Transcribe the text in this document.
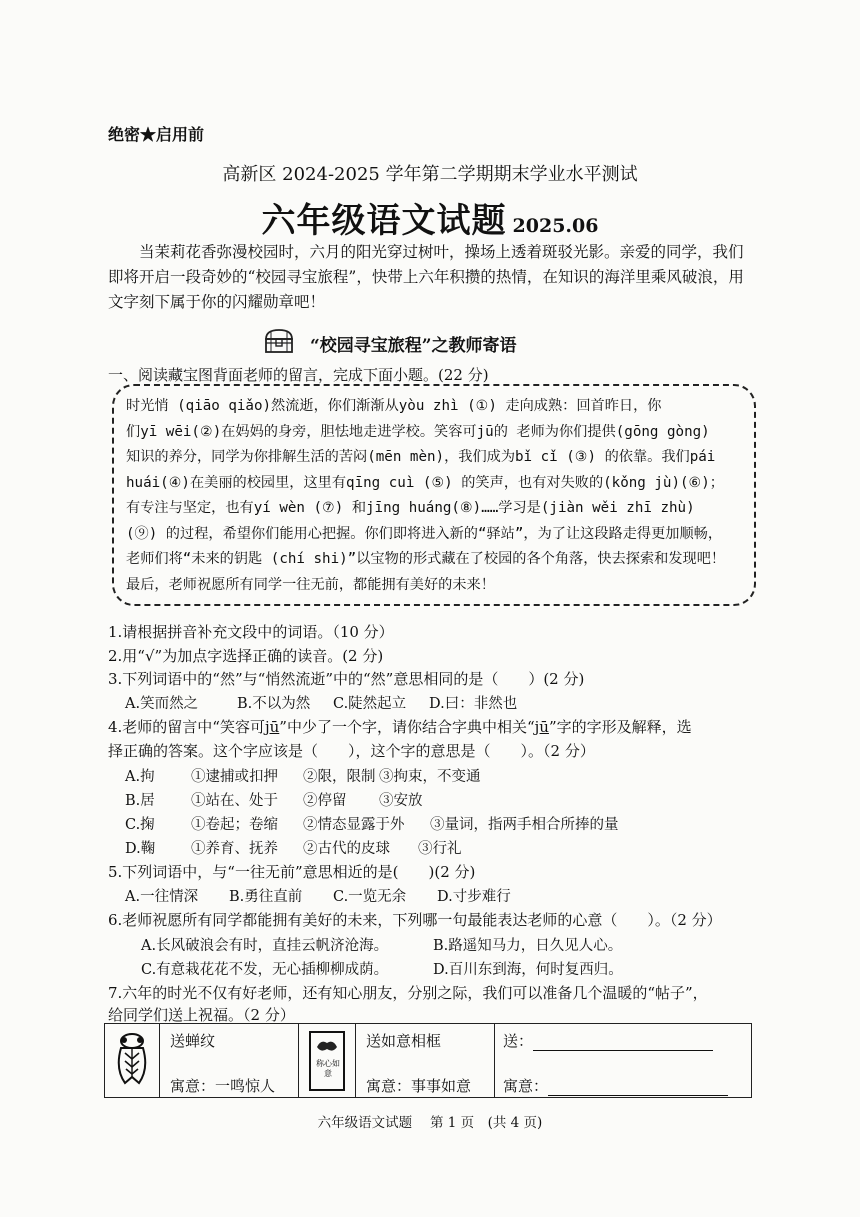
绝密★启用前
高新区 2024-2025 学年第二学期期末学业水平测试
六年级语文试题 2025.06
当茉莉花香弥漫校园时，六月的阳光穿过树叶，操场上透着斑驳光影。亲爱的同学，我们即将开启一段奇妙的“校园寻宝旅程”，快带上六年积攒的热情，在知识的海洋里乘风破浪，用文字刻下属于你的闪耀勋章吧！
“校园寻宝旅程”之教师寄语
一、阅读藏宝图背面老师的留言，完成下面小题。(22 分)
时光悄 (qiāo qiǎo)然流逝，你们渐渐从yòu zhì (①) 走向成熟：回首昨日，你
们yī wēi(②)在妈妈的身旁，胆怯地走进学校。笑容可jū的 老师为你们提供(gōng gòng)
知识的养分，同学为你排解生活的苦闷(mēn mèn)，我们成为bǐ cǐ (③) 的依靠。我们pái
huái(④)在美丽的校园里，这里有qīng cuì (⑤) 的笑声，也有对失败的(kǒng jù)(⑥)；
有专注与坚定，也有yí wèn (⑦) 和jīng huáng(⑧)……学习是(jiàn wěi zhī zhù)
(⑨) 的过程，希望你们能用心把握。你们即将进入新的“驿站”，为了让这段路走得更加顺畅，
老师们将“未来的钥匙 (chí shi)”以宝物的形式藏在了校园的各个角落，快去探索和发现吧！
最后，老师祝愿所有同学一往无前，都能拥有美好的未来！
1.请根据拼音补充文段中的词语。（10 分）
2.用“√”为加点字选择正确的读音。(2 分)
3.下列词语中的“然”与“悄然流逝”中的“然”意思相同的是（　　）(2 分)
A.笑而然之	B.不以为然 C.陡然起立 D.曰：非然也
4.老师的留言中“笑容可jū”中少了一个字，请你结合字典中相关“jū”字的字形及解释，选
择正确的答案。这个字应该是（　　），这个字的意思是（　　）。（2 分）
A.拘	①逮捕或扣押 ②限，限制 ③拘束，不变通
B.居 ①站在、处于 ②停留 ③安放
C.掬	①卷起；卷缩 ②情态显露于外 ③量词，指两手相合所捧的量
D.鞠 ①养育、抚养 ②古代的皮球 ③行礼
5.下列词语中，与“一往无前”意思相近的是(　　)(2 分)
A.一往情深 B.勇往直前 C.一览无余 D.寸步难行
6.老师祝愿所有同学都能拥有美好的未来，下列哪一句最能表达老师的心意（　　）。（2 分）
A.长风破浪会有时，直挂云帆济沧海。	B.路遥知马力，日久见人心。
C.有意栽花花不发，无心插柳柳成荫。	D.百川东到海，何时复西归。
7.六年的时光不仅有好老师，还有知心朋友，分别之际，我们可以准备几个温暖的“帖子”，
给同学们送上祝福。（2 分）

送蝉纹
寓意：一鸣惊人

称心如意

送如意相框
寓意：事事如意

送：
寓意：
六年级语文试题　 第 1 页　(共 4 页)
